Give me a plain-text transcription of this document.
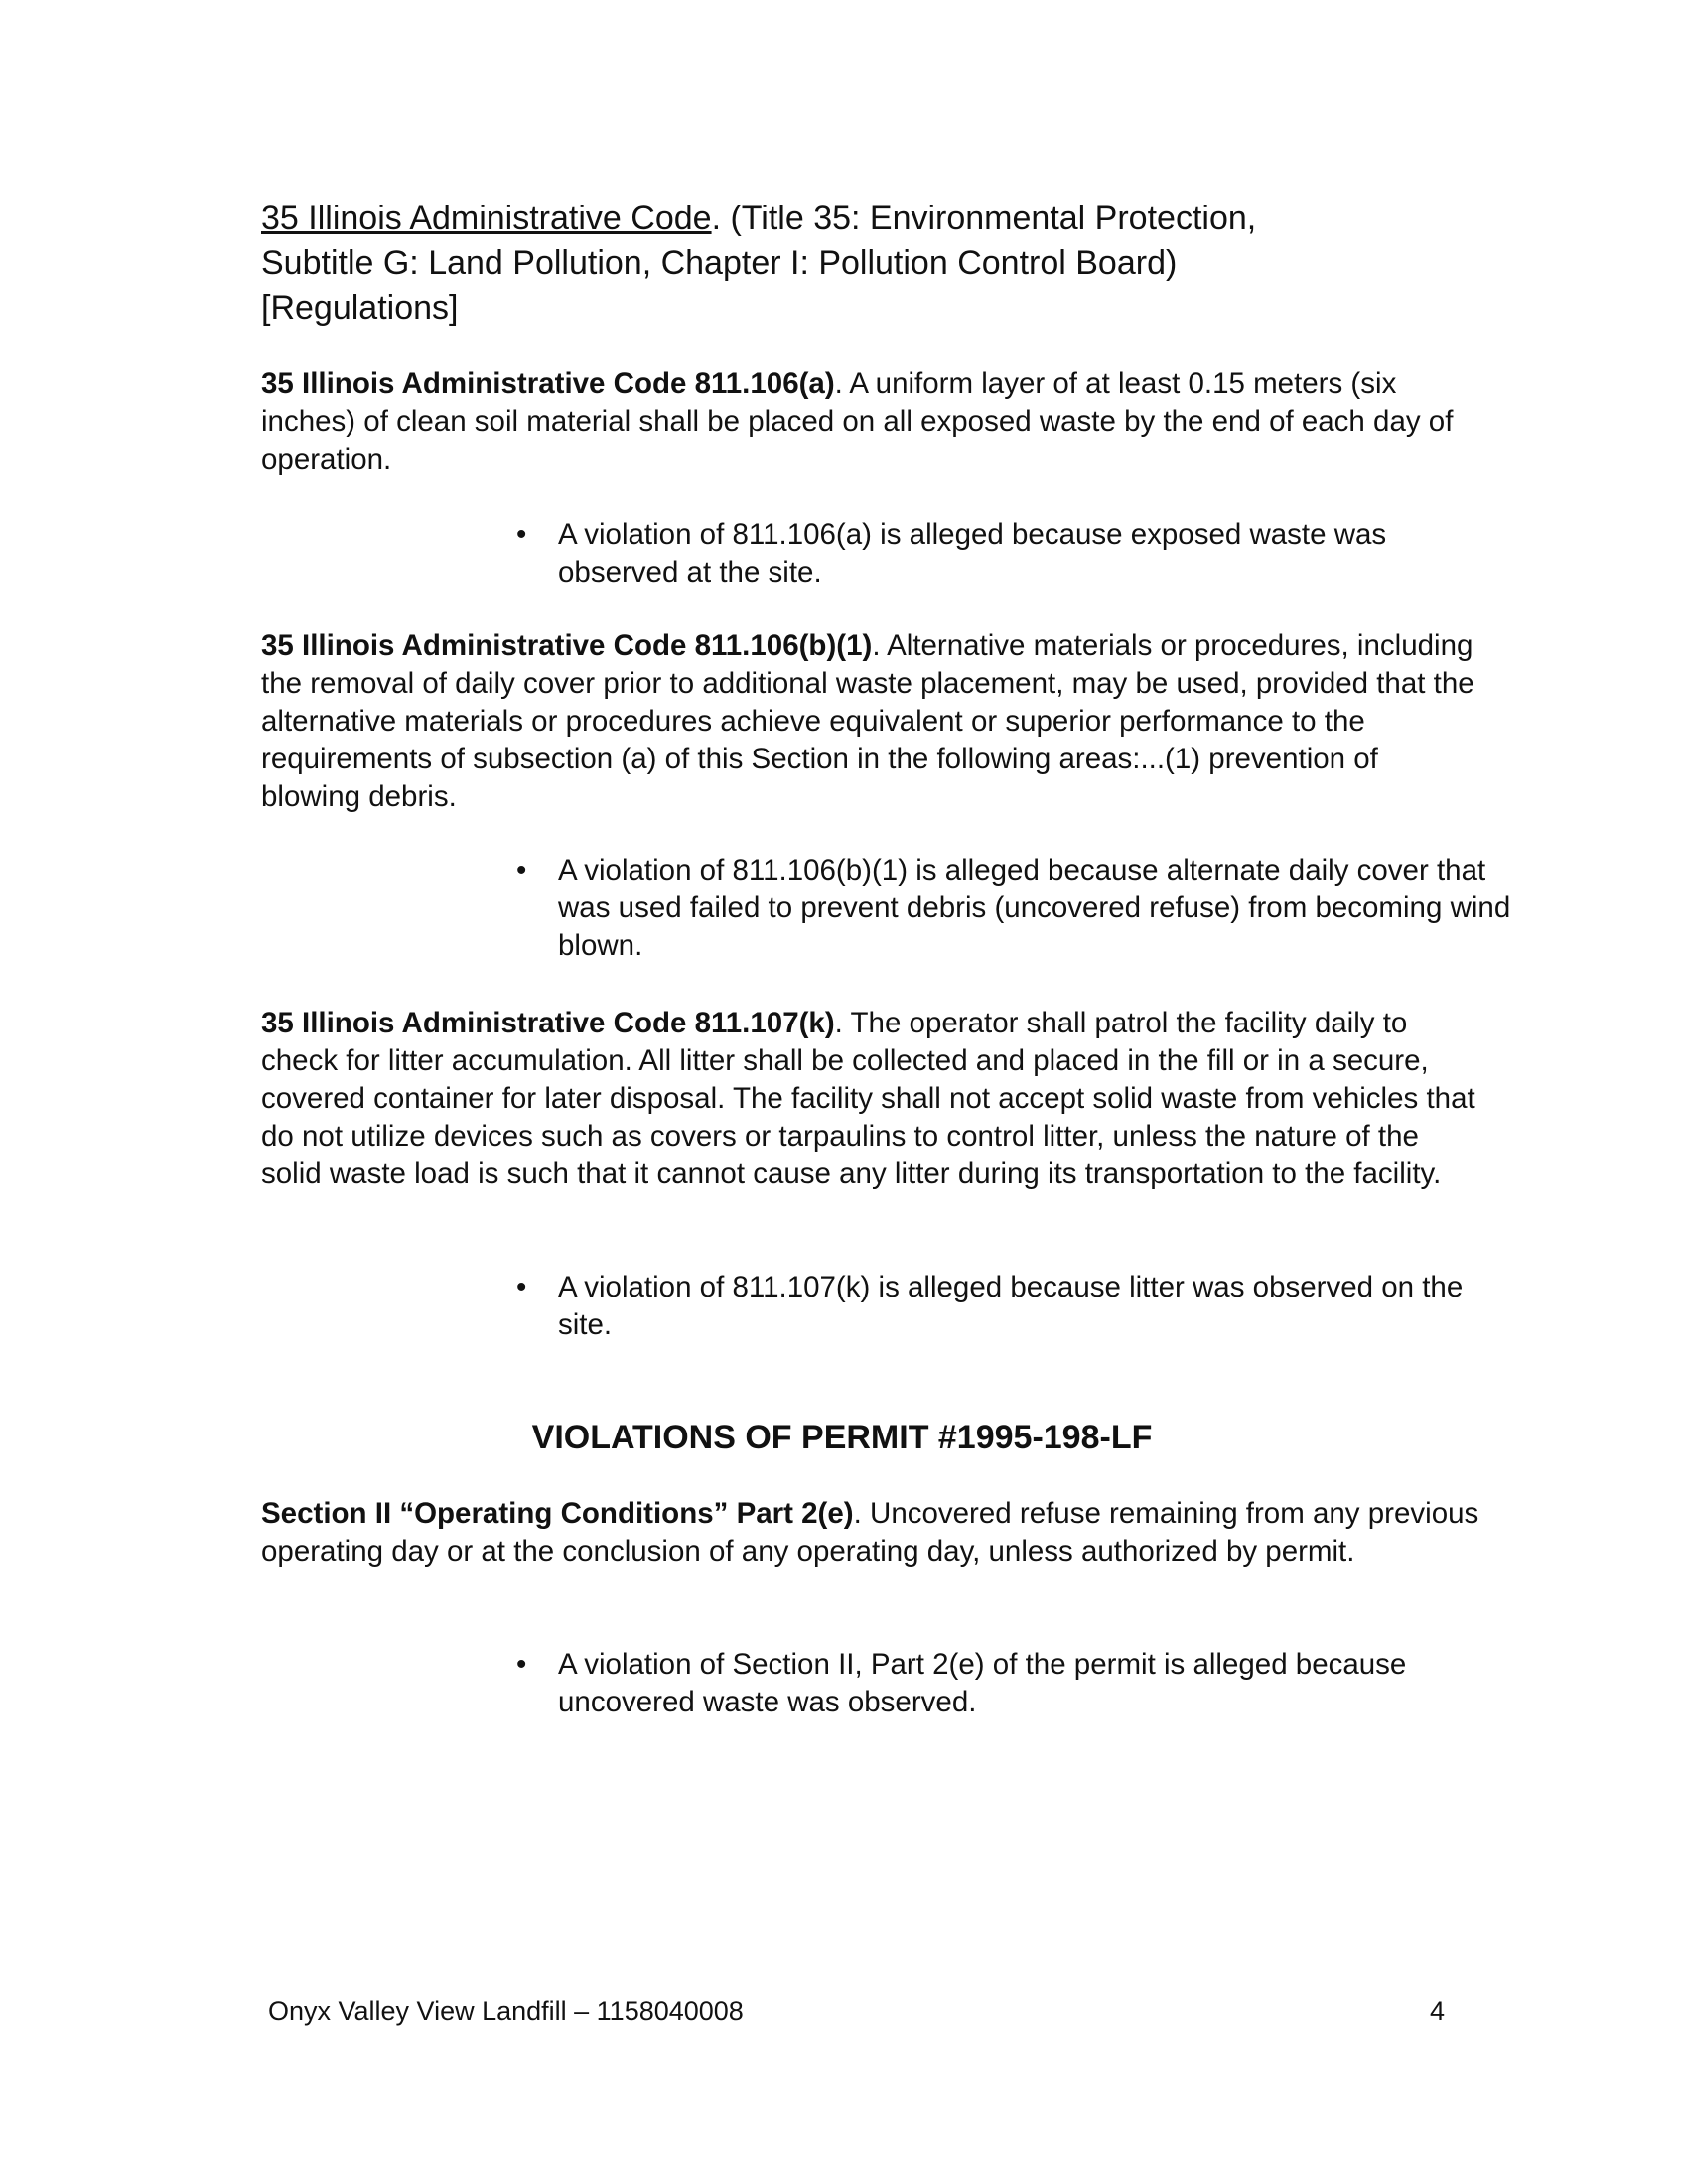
35 Illinois Administrative Code. (Title 35: Environmental Protection,
Subtitle G: Land Pollution, Chapter I: Pollution Control Board)
[Regulations]
35 Illinois Administrative Code 811.106(a). A uniform layer of at least 0.15 meters (six inches) of clean soil material shall be placed on all exposed waste by the end of each day of operation.
• A violation of 811.106(a) is alleged because exposed waste was observed at the site.
35 Illinois Administrative Code 811.106(b)(1). Alternative materials or procedures, including the removal of daily cover prior to additional waste placement, may be used, provided that the alternative materials or procedures achieve equivalent or superior performance to the requirements of subsection (a) of this Section in the following areas:...(1) prevention of blowing debris.
• A violation of 811.106(b)(1) is alleged because alternate daily cover that was used failed to prevent debris (uncovered refuse) from becoming wind blown.
35 Illinois Administrative Code 811.107(k). The operator shall patrol the facility daily to check for litter accumulation. All litter shall be collected and placed in the fill or in a secure, covered container for later disposal. The facility shall not accept solid waste from vehicles that do not utilize devices such as covers or tarpaulins to control litter, unless the nature of the solid waste load is such that it cannot cause any litter during its transportation to the facility.
• A violation of 811.107(k) is alleged because litter was observed on the site.
VIOLATIONS OF PERMIT #1995-198-LF
Section II “Operating Conditions” Part 2(e). Uncovered refuse remaining from any previous operating day or at the conclusion of any operating day, unless authorized by permit.
• A violation of Section II, Part 2(e) of the permit is alleged because uncovered waste was observed.
Onyx Valley View Landfill – 1158040008	4
